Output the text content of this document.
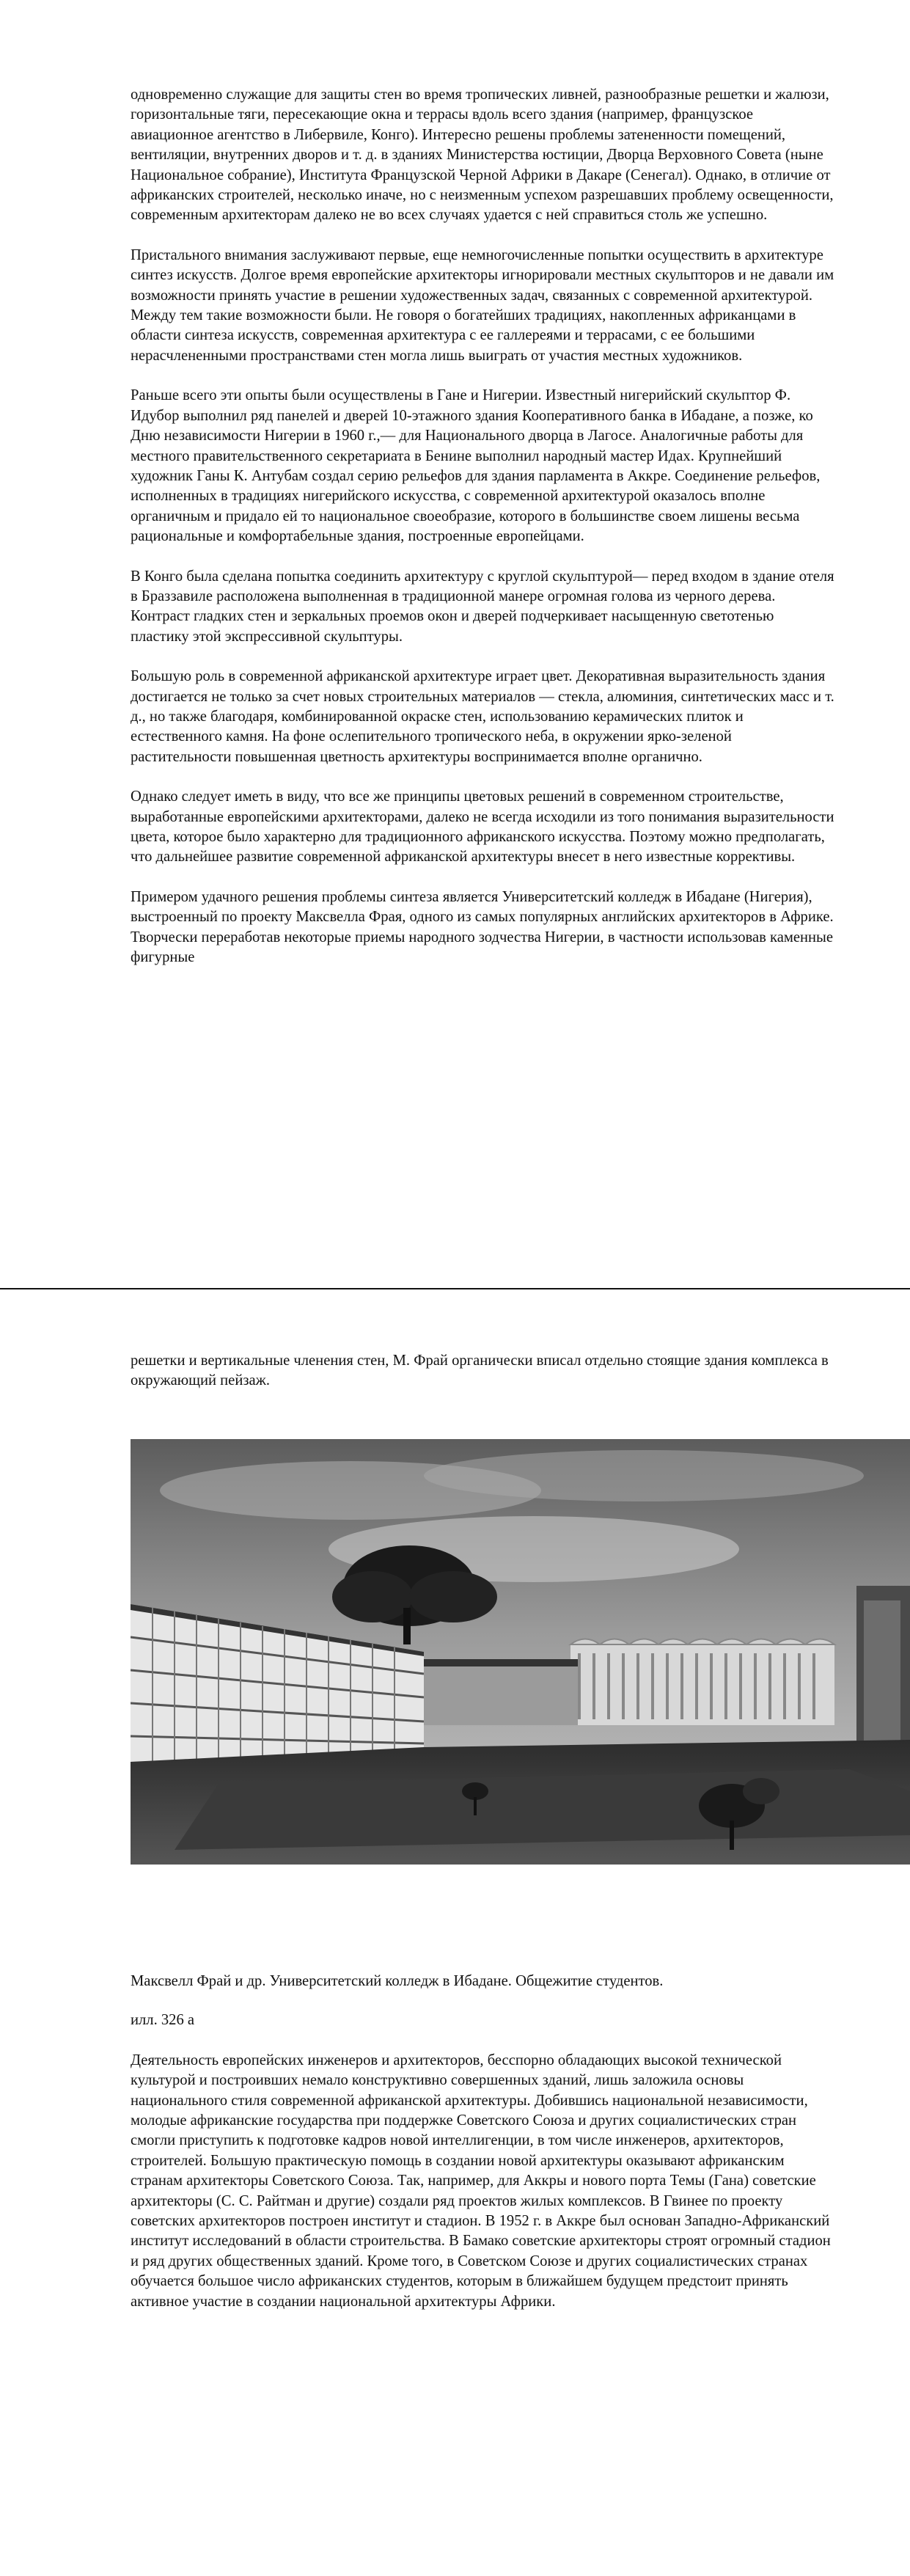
одновременно служащие для защиты стен во время тропических ливней, разнообразные решетки и жалюзи, горизонтальные тяги, пересекающие окна и террасы вдоль всего здания (например, французское авиационное агентство в Либервиле, Конго). Интересно решены проблемы затененности помещений, вентиляции, внутренних дворов и т. д. в зданиях Министерства юстиции, Дворца Верховного Совета (ныне Национальное собрание), Института Французской Черной Африки в Дакаре (Сенегал). Однако, в отличие от африканских строителей, несколько иначе, но с неизменным успехом разрешавших проблему освещенности, современным архитекторам далеко не во всех случаях удается с ней справиться столь же успешно.

Пристального внимания заслуживают первые, еще немногочисленные попытки осуществить в архитектуре синтез искусств. Долгое время европейские архитекторы игнорировали местных скульпторов и не давали им возможности принять участие в решении художественных задач, связанных с современной архитектурой. Между тем такие возможности были. Не говоря о богатейших традициях, накопленных африканцами в области синтеза искусств, современная архитектура с ее галлереями и террасами, с ее большими нерасчлененными пространствами стен могла лишь выиграть от участия местных художников.

Раньше всего эти опыты были осуществлены в Гане и Нигерии. Известный нигерийский скульптор Ф. Идубор выполнил ряд панелей и дверей 10-этажного здания Кооперативного банка в Ибадане, а позже, ко Дню независимости Нигерии в 1960 г.,— для Национального дворца в Лагосе. Аналогичные работы для местного правительственного секретариата в Бенине выполнил народный мастер Идах. Крупнейший художник Ганы К. Антубам создал серию рельефов для здания парламента в Аккре. Соединение рельефов, исполненных в традициях нигерийского искусства, с современной архитектурой оказалось вполне органичным и придало ей то национальное своеобразие, которого в большинстве своем лишены весьма рациональные и комфортабельные здания, построенные европейцами.

В Конго была сделана попытка соединить архитектуру с круглой скульптурой— перед входом в здание отеля в Браззавиле расположена выполненная в традиционной манере огромная голова из черного дерева. Контраст гладких стен и зеркальных проемов окон и дверей подчеркивает насыщенную светотенью пластику этой экспрессивной скульптуры.

Большую роль в современной африканской архитектуре играет цвет. Декоративная выразительность здания достигается не только за счет новых строительных материалов — стекла, алюминия, синтетических масс и т. д., но также благодаря, комбинированной окраске стен, использованию керамических плиток и естественного камня. На фоне ослепительного тропического неба, в окружении ярко-зеленой растительности повышенная цветность архитектуры воспринимается вполне органично.

Однако следует иметь в виду, что все же принципы цветовых решений в современном строительстве, выработанные европейскими архитекторами, далеко не всегда исходили из того понимания выразительности цвета, которое было характерно для традиционного африканского искусства. Поэтому можно предполагать, что дальнейшее развитие современной африканской архитектуры внесет в него известные коррективы.

Примером удачного решения проблемы синтеза является Университетский колледж в Ибадане (Нигерия), выстроенный по проекту Максвелла Фрая, одного из самых популярных английских архитекторов в Африке. Творчески переработав некоторые приемы народного зодчества Нигерии, в частности использовав каменные фигурные

решетки и вертикальные членения стен, М. Фрай органически вписал отдельно стоящие здания комплекса в окружающий пейзаж.

Максвелл Фрай и др. Университетский колледж в Ибадане. Общежитие студентов.

илл. 326 а

Деятельность европейских инженеров и архитекторов, бесспорно обладающих высокой технической культурой и построивших немало конструктивно совершенных зданий, лишь заложила основы национального стиля современной африканской архитектуры. Добившись национальной независимости, молодые африканские государства при поддержке Советского Союза и других социалистических стран смогли приступить к подготовке кадров новой интеллигенции, в том числе инженеров, архитекторов, строителей. Большую практическую помощь в создании новой архитектуры оказывают африканским странам архитекторы Советского Союза. Так, например, для Аккры и нового порта Темы (Гана) советские архитекторы (С. С. Райтман и другие) создали ряд проектов жилых комплексов. В Гвинее по проекту советских архитекторов построен институт и стадион. В 1952 г. в Аккре был основан Западно-Африканский институт исследований в области строительства. В Бамако советские архитекторы строят огромный стадион и ряд других общественных зданий. Кроме того, в Советском Союзе и других социалистических странах обучается большое число африканских студентов, которым в ближайшем будущем предстоит принять активное участие в создании национальной архитектуры Африки.
